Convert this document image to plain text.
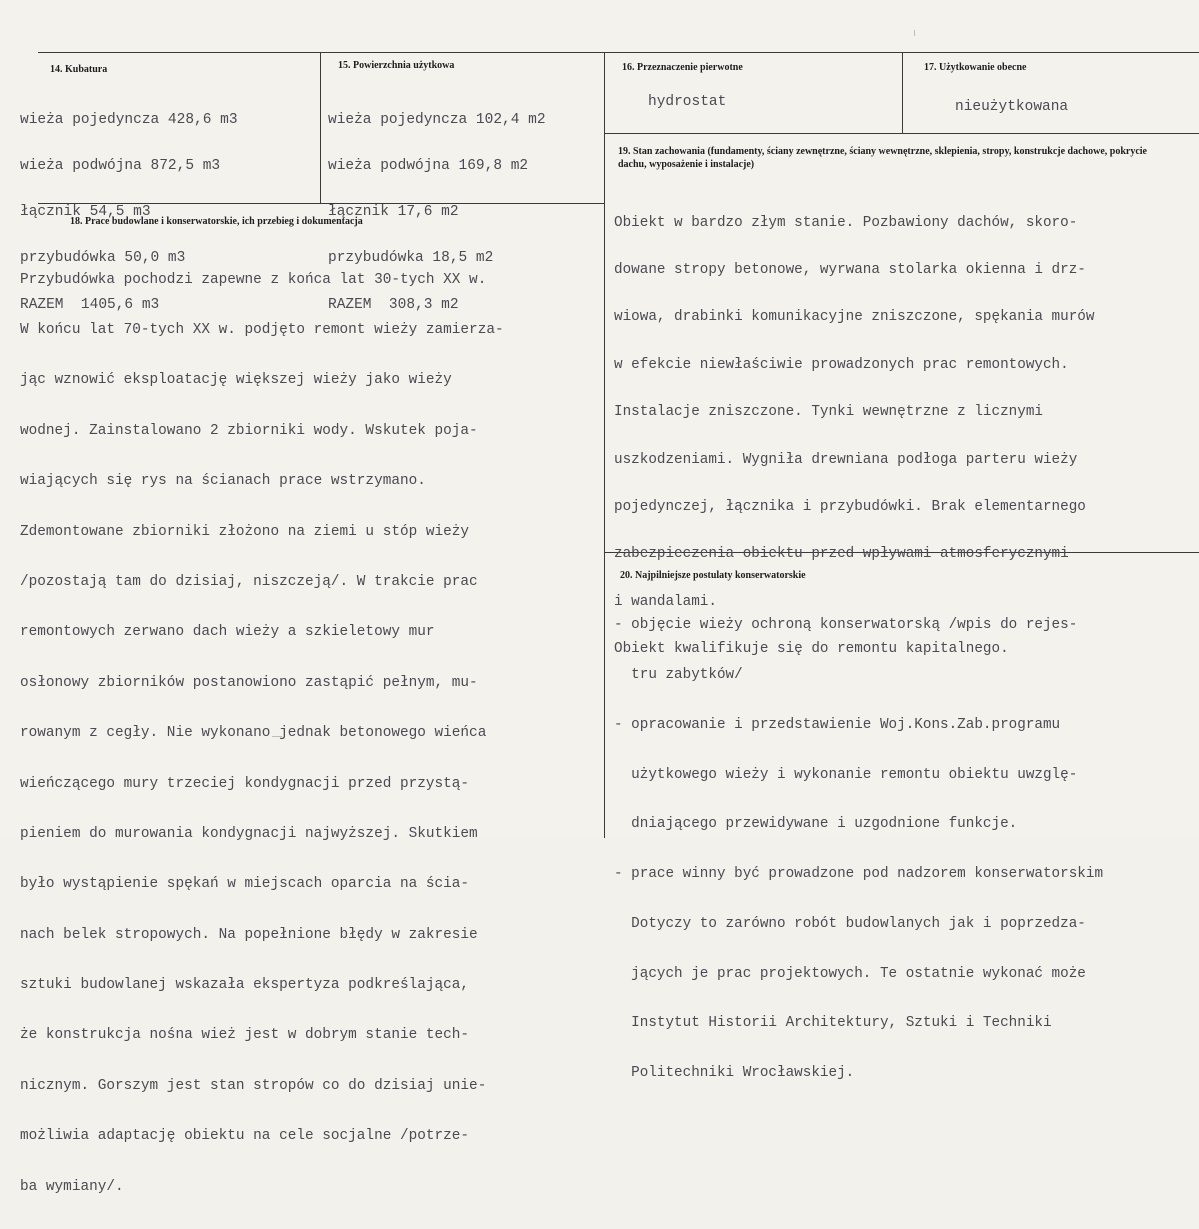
14. Kubatura

wieża pojedyncza 428,6 m3

wieża podwójna 872,5 m3

łącznik 54,5 m3

przybudówka 50,0 m3

RAZEM  1405,6 m3

15. Powierzchnia użytkowa

wieża pojedyncza 102,4 m2

wieża podwójna 169,8 m2

łącznik 17,6 m2

przybudówka 18,5 m2

RAZEM  308,3 m2

16. Przeznaczenie pierwotne
hydrostat
17. Użytkowanie obecne
nieużytkowana
18. Prace budowlane i konserwatorskie, ich przebieg i dokumentacja

Przybudówka pochodzi zapewne z końca lat 30-tych XX w.

W końcu lat 70-tych XX w. podjęto remont wieży zamierza-

jąc wznowić eksploatację większej wieży jako wieży

wodnej. Zainstalowano 2 zbiorniki wody. Wskutek poja-

wiających się rys na ścianach prace wstrzymano.

Zdemontowane zbiorniki złożono na ziemi u stóp wieży

/pozostają tam do dzisiaj, niszczeją/. W trakcie prac

remontowych zerwano dach wieży a szkieletowy mur

osłonowy zbiorników postanowiono zastąpić pełnym, mu-

rowanym z cegły. Nie wykonano jednak betonowego wieńca

wieńczącego mury trzeciej kondygnacji przed przystą-

pieniem do murowania kondygnacji najwyższej. Skutkiem

było wystąpienie spękań w miejscach oparcia na ścia-

nach belek stropowych. Na popełnione błędy w zakresie

sztuki budowlanej wskazała ekspertyza podkreślająca,

że konstrukcja nośna wież jest w dobrym stanie tech-

nicznym. Gorszym jest stan stropów co do dzisiaj unie-

możliwia adaptację obiektu na cele socjalne /potrze-

ba wymiany/.

19. Stan zachowania (fundamenty, ściany zewnętrzne, ściany wewnętrzne, sklepienia, stropy, konstrukcje dachowe, pokrycie dachu, wyposażenie i instalacje)

Obiekt w bardzo złym stanie. Pozbawiony dachów, skoro-

dowane stropy betonowe, wyrwana stolarka okienna i drz-

wiowa, drabinki komunikacyjne zniszczone, spękania murów

w efekcie niewłaściwie prowadzonych prac remontowych.

Instalacje zniszczone. Tynki wewnętrzne z licznymi

uszkodzeniami. Wygniła drewniana podłoga parteru wieży

pojedynczej, łącznika i przybudówki. Brak elementarnego

zabezpieczenia obiektu przed wpływami atmosferycznymi

i wandalami.

Obiekt kwalifikuje się do remontu kapitalnego.

20. Najpilniejsze postulaty konserwatorskie

- objęcie wieży ochroną konserwatorską /wpis do rejes-

tru zabytków/

- opracowanie i przedstawienie Woj.Kons.Zab.programu

użytkowego wieży i wykonanie remontu obiektu uwzglę-

dniającego przewidywane i uzgodnione funkcje.

- prace winny być prowadzone pod nadzorem konserwatorskim

Dotyczy to zarówno robót budowlanych jak i poprzedza-

jących je prac projektowych. Te ostatnie wykonać może

Instytut Historii Architektury, Sztuki i Techniki

Politechniki Wrocławskiej.
